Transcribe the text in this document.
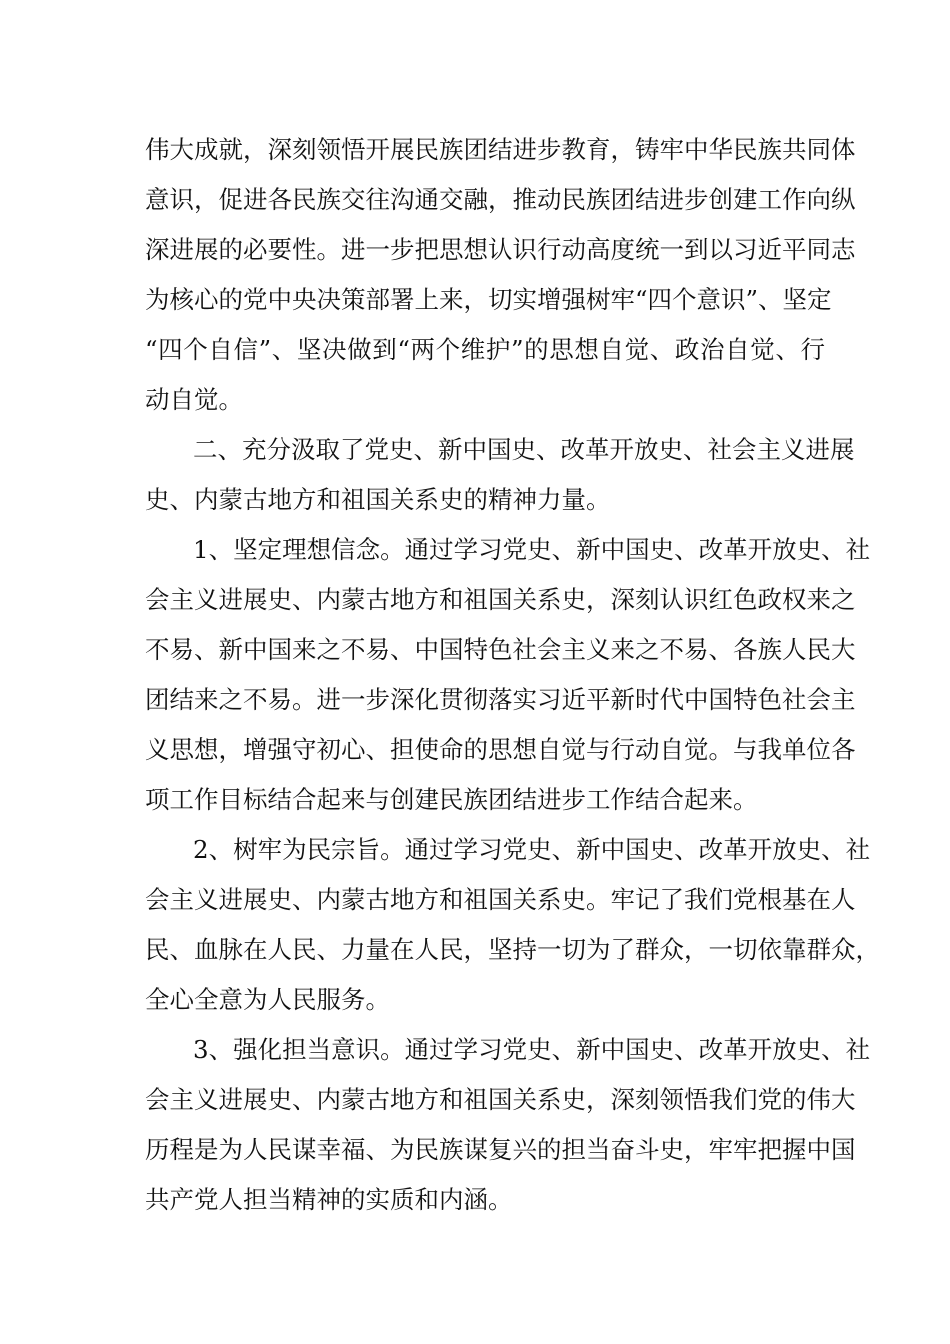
伟大成就，深刻领悟开展民族团结进步教育，铸牢中华民族共同体
意识，促进各民族交往沟通交融，推动民族团结进步创建工作向纵
深进展的必要性。进一步把思想认识行动高度统一到以习近平同志
为核心的党中央决策部署上来，切实增强树牢“四个意识”、坚定
“四个自信”、坚决做到“两个维护”的思想自觉、政治自觉、行
动自觉。
二、充分汲取了党史、新中国史、改革开放史、社会主义进展
史、内蒙古地方和祖国关系史的精神力量。
1、坚定理想信念。通过学习党史、新中国史、改革开放史、社
会主义进展史、内蒙古地方和祖国关系史，深刻认识红色政权来之
不易、新中国来之不易、中国特色社会主义来之不易、各族人民大
团结来之不易。进一步深化贯彻落实习近平新时代中国特色社会主
义思想，增强守初心、担使命的思想自觉与行动自觉。与我单位各
项工作目标结合起来与创建民族团结进步工作结合起来。
2、树牢为民宗旨。通过学习党史、新中国史、改革开放史、社
会主义进展史、内蒙古地方和祖国关系史。牢记了我们党根基在人
民、血脉在人民、力量在人民，坚持一切为了群众，一切依靠群众，
全心全意为人民服务。
3、强化担当意识。通过学习党史、新中国史、改革开放史、社
会主义进展史、内蒙古地方和祖国关系史，深刻领悟我们党的伟大
历程是为人民谋幸福、为民族谋复兴的担当奋斗史，牢牢把握中国
共产党人担当精神的实质和内涵。
